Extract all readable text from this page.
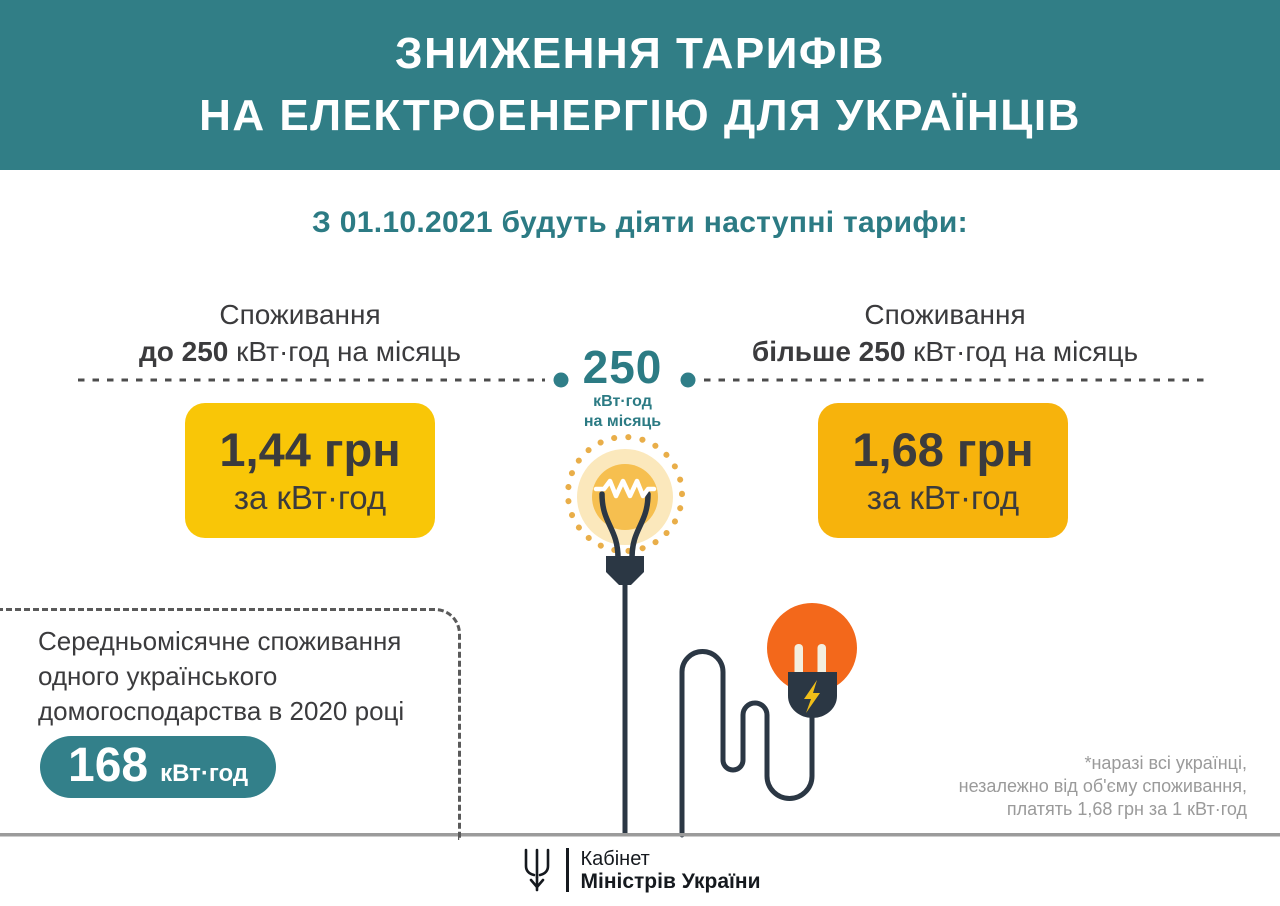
ЗНИЖЕННЯ ТАРИФІВ
НА ЕЛЕКТРОЕНЕРГІЮ ДЛЯ УКРАЇНЦІВ
З 01.10.2021 будуть діяти наступні тарифи:
Споживання
до 250 кВт·год на місяць
Споживання
більше 250 кВт·год на місяць
250
кВт·год
на місяць
1,44 грн
за кВт·год
1,68 грн
за кВт·год
Середньомісячне споживання
одного українського
домогосподарства в 2020 році
168 кВт·год	*наразі всі українці,
незалежно від об'єму споживання,
платять 1,68 грн за 1 кВт·год
Кабінет
Міністрів України
